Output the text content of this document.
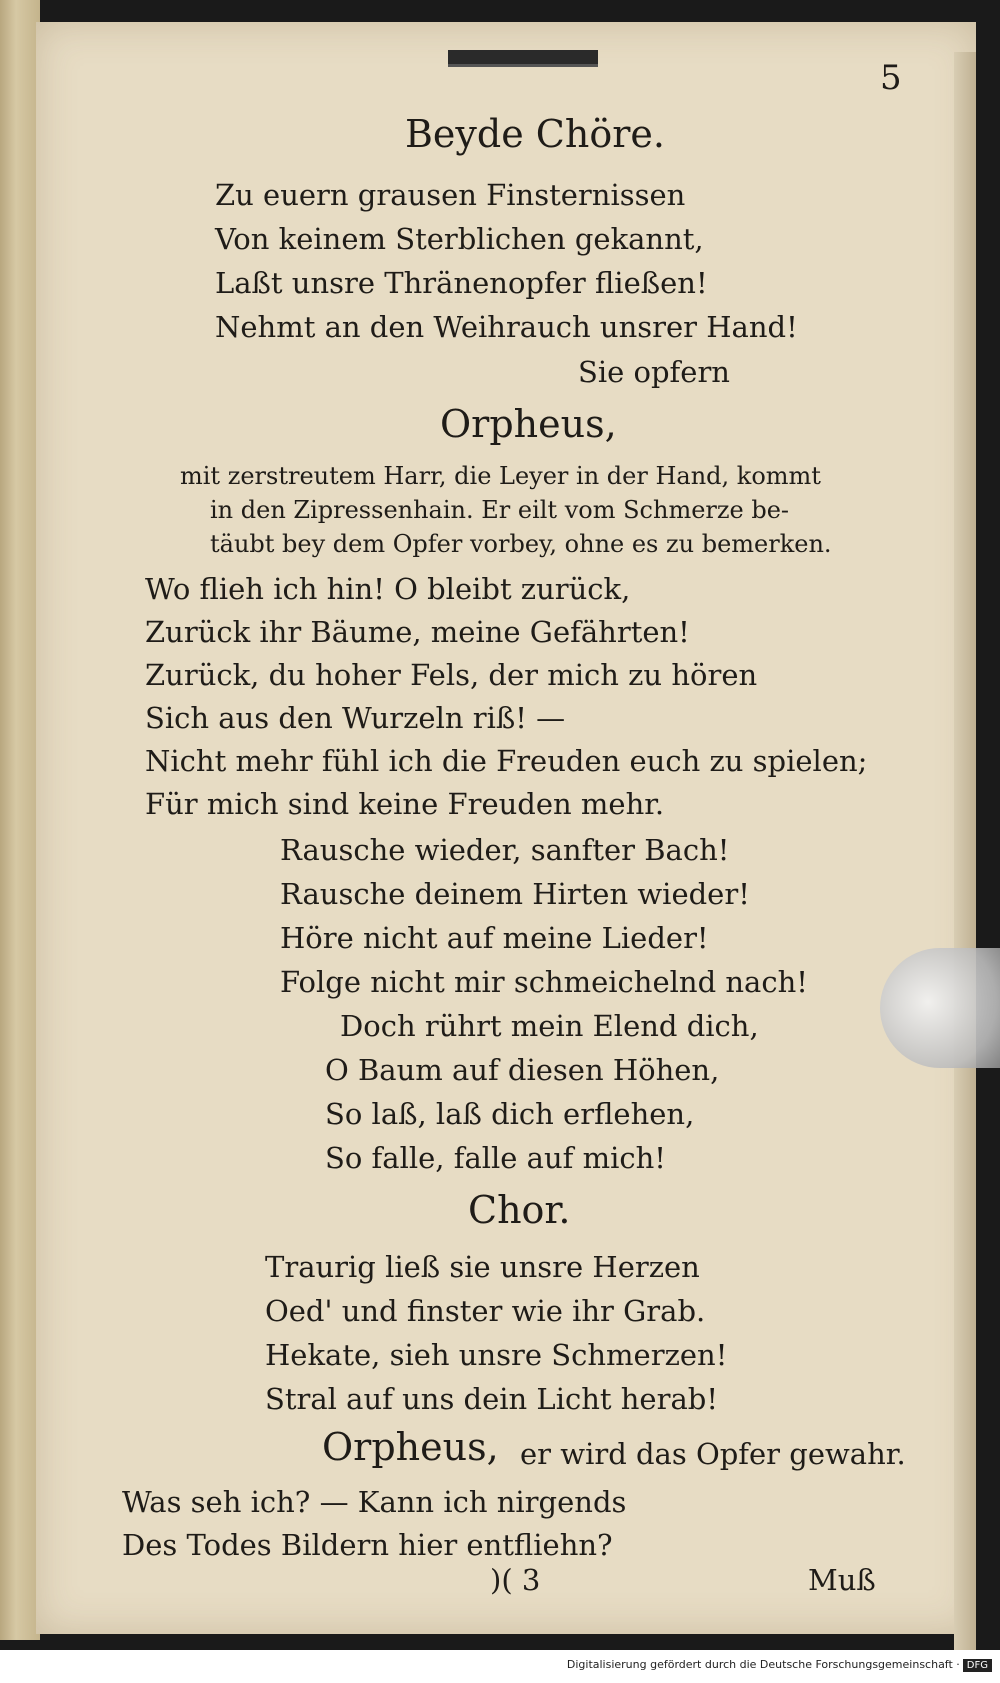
5
Beyde Chöre.
Zu euern grausen Finsternissen
Von keinem Sterblichen gekannt,
Laßt unsre Thränenopfer fließen!
Nehmt an den Weihrauch unsrer Hand!
Sie opfern
Orpheus,
mit zerstreutem Harr, die Leyer in der Hand, kommt
in den Zipressenhain. Er eilt vom Schmerze be-
täubt bey dem Opfer vorbey, ohne es zu bemerken.
Wo flieh ich hin! O bleibt zurück,
Zurück ihr Bäume, meine Gefährten!
Zurück, du hoher Fels, der mich zu hören
Sich aus den Wurzeln riß! —
Nicht mehr fühl ich die Freuden euch zu spielen;
Für mich sind keine Freuden mehr.
Rausche wieder, sanfter Bach!
Rausche deinem Hirten wieder!
Höre nicht auf meine Lieder!
Folge nicht mir schmeichelnd nach!
Doch rührt mein Elend dich,
O Baum auf diesen Höhen,
So laß, laß dich erflehen,
So falle, falle auf mich!
Chor.
Traurig ließ sie unsre Herzen
Oed' und finster wie ihr Grab.
Hekate, sieh unsre Schmerzen!
Stral auf uns dein Licht herab!
Orpheus, er wird das Opfer gewahr.
Was seh ich? — Kann ich nirgends
Des Todes Bildern hier entfliehn?
)( 3	Muß
Digitalisierung gefördert durch die Deutsche Forschungsgemeinschaft · DFG
